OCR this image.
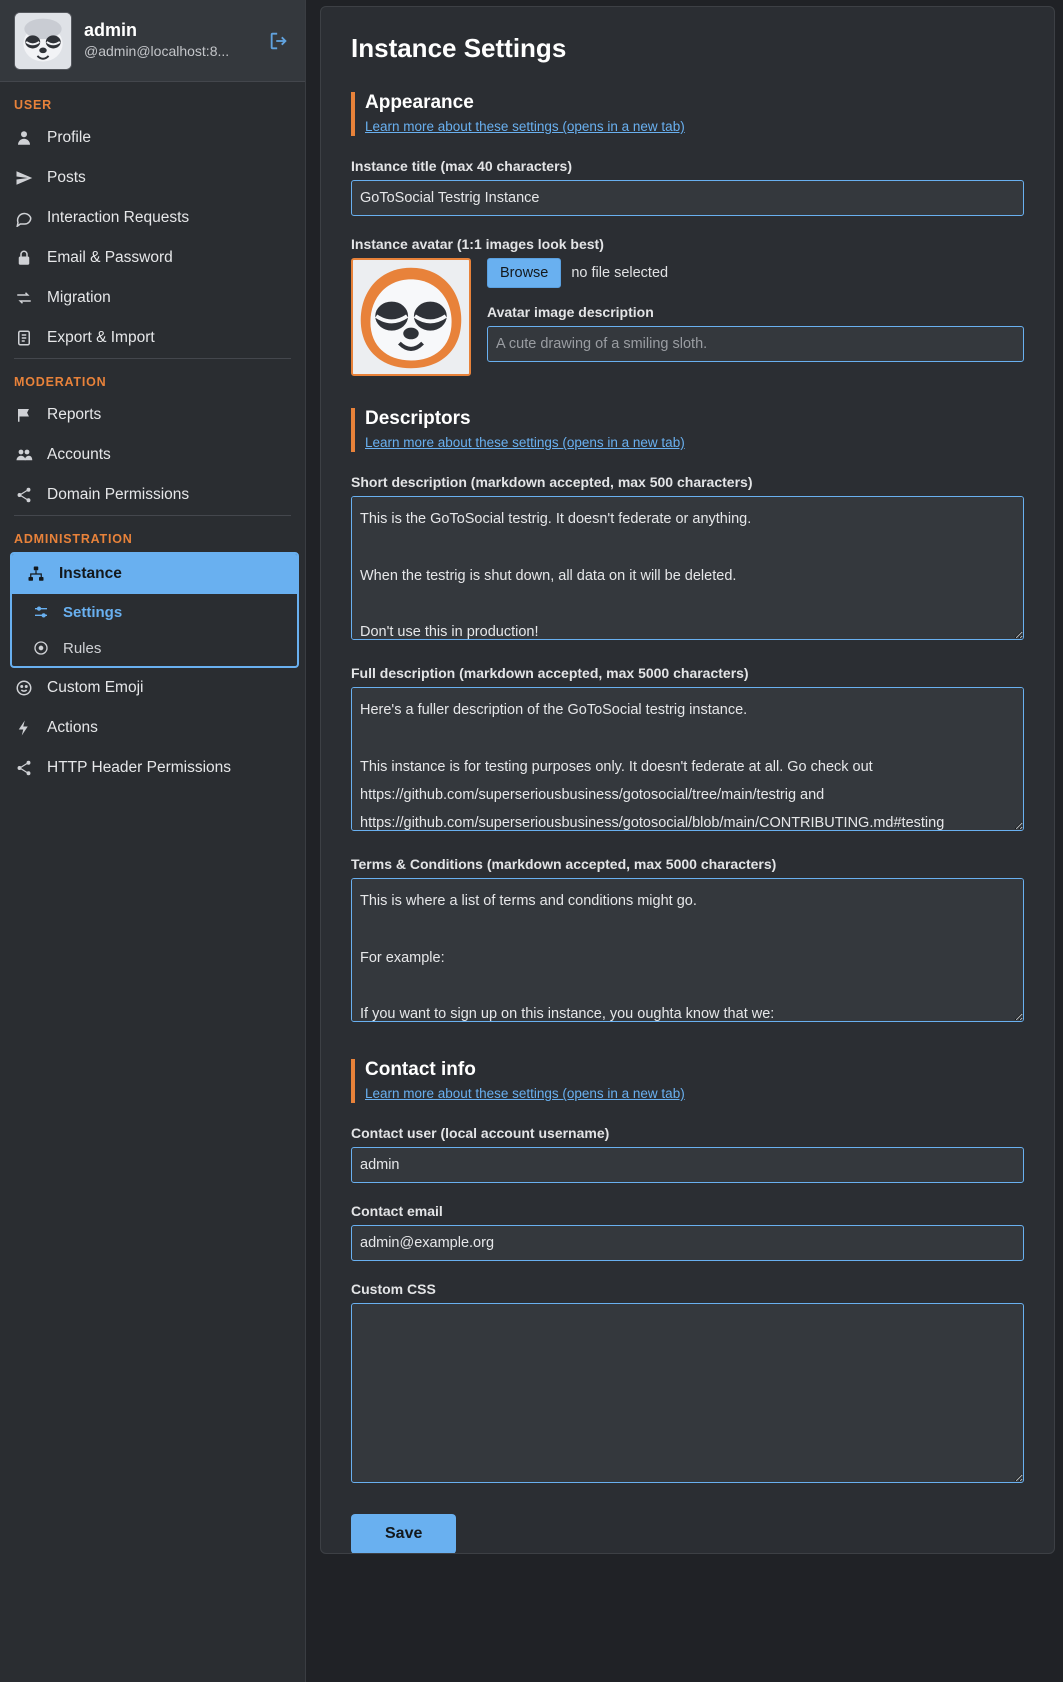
admin
@admin@localhost:8...
USER
Profile
Posts
Interaction Requests
Email & Password
Migration
Export & Import
MODERATION
Reports
Accounts
Domain Permissions
ADMINISTRATION
Instance
Settings
Rules
Custom Emoji
Actions
HTTP Header Permissions
Instance Settings
Appearance
Learn more about these settings (opens in a new tab)
Instance title (max 40 characters)
GoToSocial Testrig Instance
Instance avatar (1:1 images look best)
Browse	no file selected
Avatar image description
A cute drawing of a smiling sloth.
Descriptors
Learn more about these settings (opens in a new tab)
Short description (markdown accepted, max 500 characters)
This is the GoToSocial testrig. It doesn't federate or anything. When the testrig is shut down, all data on it will be deleted. Don't use this in production!
Full description (markdown accepted, max 5000 characters)
Here's a fuller description of the GoToSocial testrig instance. This instance is for testing purposes only. It doesn't federate at all. Go check out https://github.com/superseriousbusiness/gotosocial/tree/main/testrig and https://github.com/superseriousbusiness/gotosocial/blob/main/CONTRIBUTING.md#testing
Terms & Conditions (markdown accepted, max 5000 characters)
This is where a list of terms and conditions might go. For example: If you want to sign up on this instance, you oughta know that we:
Contact info
Learn more about these settings (opens in a new tab)
Contact user (local account username)
admin
Contact email
admin@example.org
Custom CSS
Save
